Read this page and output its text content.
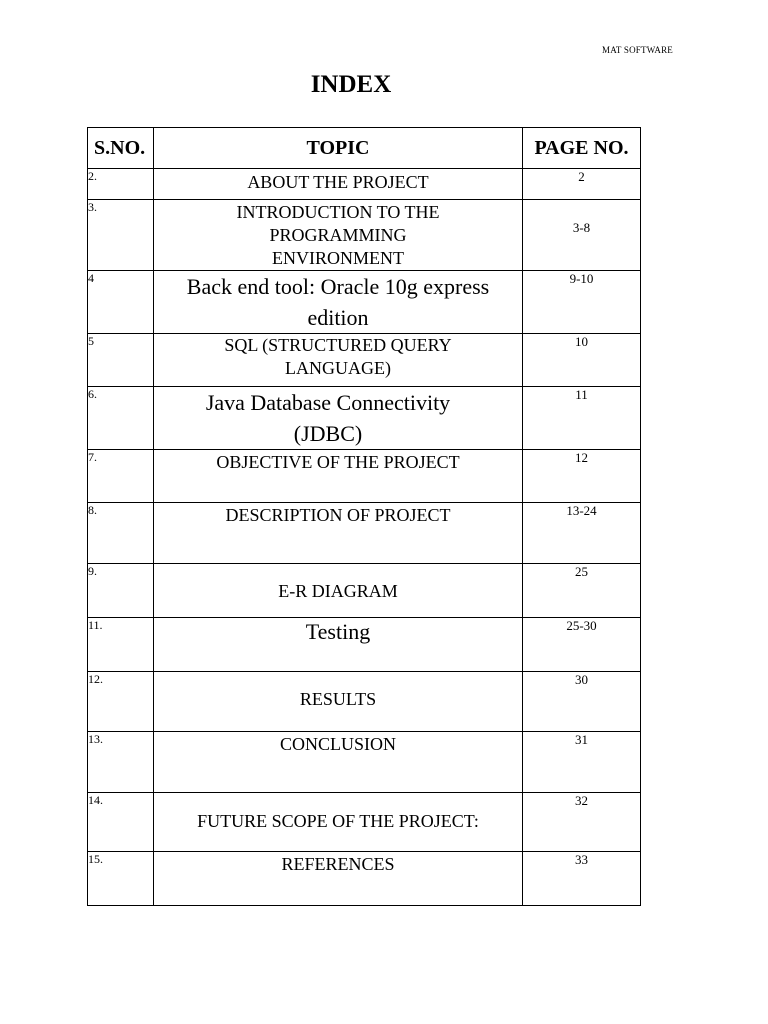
MAT SOFTWARE
INDEX
S.NO.	TOPIC	PAGE NO.
2.	ABOUT THE PROJECT	2
3.	INTRODUCTION TO THE PROGRAMMING ENVIRONMENT	3-8
4	Back end tool: Oracle 10g express edition	9-10
5	SQL (STRUCTURED QUERY LANGUAGE)	10
6.	Java Database Connectivity (JDBC)	11
7.	OBJECTIVE OF THE PROJECT	12
8.	DESCRIPTION OF PROJECT	13-24
9.	E-R DIAGRAM	25
11.	Testing	25-30
12.	RESULTS	30
13.	CONCLUSION	31
14.	FUTURE SCOPE OF THE PROJECT:	32
15.	REFERENCES	33
